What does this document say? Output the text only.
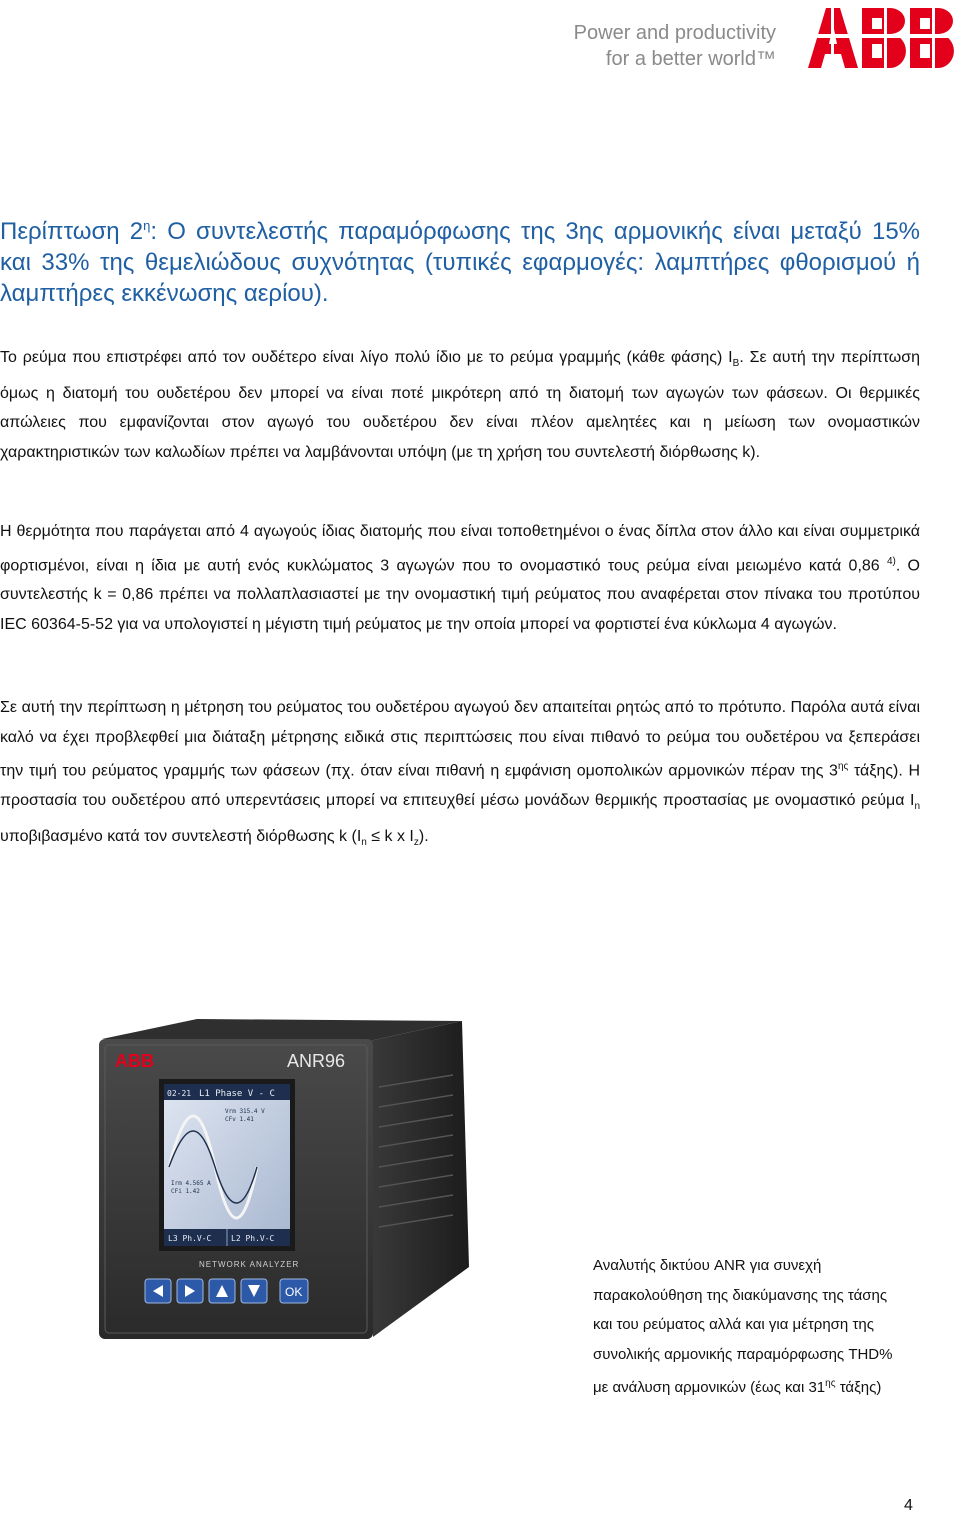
Power and productivity
for a better world™
Περίπτωση $2^\eta$: Ο συντελεστής παραμόρφωσης της 3ης αρμονικής είναι μεταξύ 15% και 33% της θεμελιώδους συχνότητας (τυπικές εφαρμογές: λαμπτήρες φθορισμού ή λαμπτήρες εκκένωσης αερίου).
Το ρεύμα που επιστρέφει από τον ουδέτερο είναι λίγο πολύ ίδιο με το ρεύμα γραμμής (κάθε φάσης) $I_B$. Σε αυτή την περίπτωση όμως η διατομή του ουδετέρου δεν μπορεί να είναι ποτέ μικρότερη από τη διατομή των αγωγών των φάσεων. Οι θερμικές απώλειες που εμφανίζονται στον αγωγό του ουδετέρου δεν είναι πλέον αμελητέες και η μείωση των ονομαστικών χαρακτηριστικών των καλωδίων πρέπει να λαμβάνονται υπόψη (με τη χρήση του συντελεστή διόρθωσης k).
Η θερμότητα που παράγεται από 4 αγωγούς ίδιας διατομής που είναι τοποθετημένοι ο ένας δίπλα στον άλλο και είναι συμμετρικά φορτισμένοι, είναι η ίδια με αυτή ενός κυκλώματος 3 αγωγών που το ονομαστικό τους ρεύμα είναι μειωμένο κατά 0,86 $^{4)}$. Ο συντελεστής k = 0,86 πρέπει να πολλαπλασιαστεί με την ονομαστική τιμή ρεύματος που αναφέρεται στον πίνακα του προτύπου IEC 60364-5-52 για να υπολογιστεί η μέγιστη τιμή ρεύματος με την οποία μπορεί να φορτιστεί ένα κύκλωμα 4 αγωγών.
Σε αυτή την περίπτωση η μέτρηση του ρεύματος του ουδετέρου αγωγού δεν απαιτείται ρητώς από το πρότυπο. Παρόλα αυτά είναι καλό να έχει προβλεφθεί μια διάταξη μέτρησης ειδικά στις περιπτώσεις που είναι πιθανό το ρεύμα του ουδετέρου να ξεπεράσει την τιμή του ρεύματος γραμμής των φάσεων (πχ. όταν είναι πιθανή η εμφάνιση ομοπολικών αρμονικών πέραν της $3^{\eta\varsigma}$ τάξης). Η προστασία του ουδετέρου από υπερεντάσεις μπορεί να επιτευχθεί μέσω μονάδων θερμικής προστασίας με ονομαστικό ρεύμα $I_n$ υποβιβασμένο κατά τον συντελεστή διόρθωσης k ($I_n \le k$ x $I_z$).
ABB	ANR96
02-21 L1 Phase V - C
Vrm 315.4 V
CFv 1.41
Irm 4.565 A
CFi 1.42
L3 Ph.V-C L2 Ph.V-C
NETWORK ANALYZER
OK
Αναλυτής δικτύου ANR για συνεχή παρακολούθηση της διακύμανσης της τάσης και του ρεύματος αλλά και για μέτρηση της συνολικής αρμονικής παραμόρφωσης THD% με ανάλυση αρμονικών (έως και $31^{\eta\varsigma}$ τάξης)
4
